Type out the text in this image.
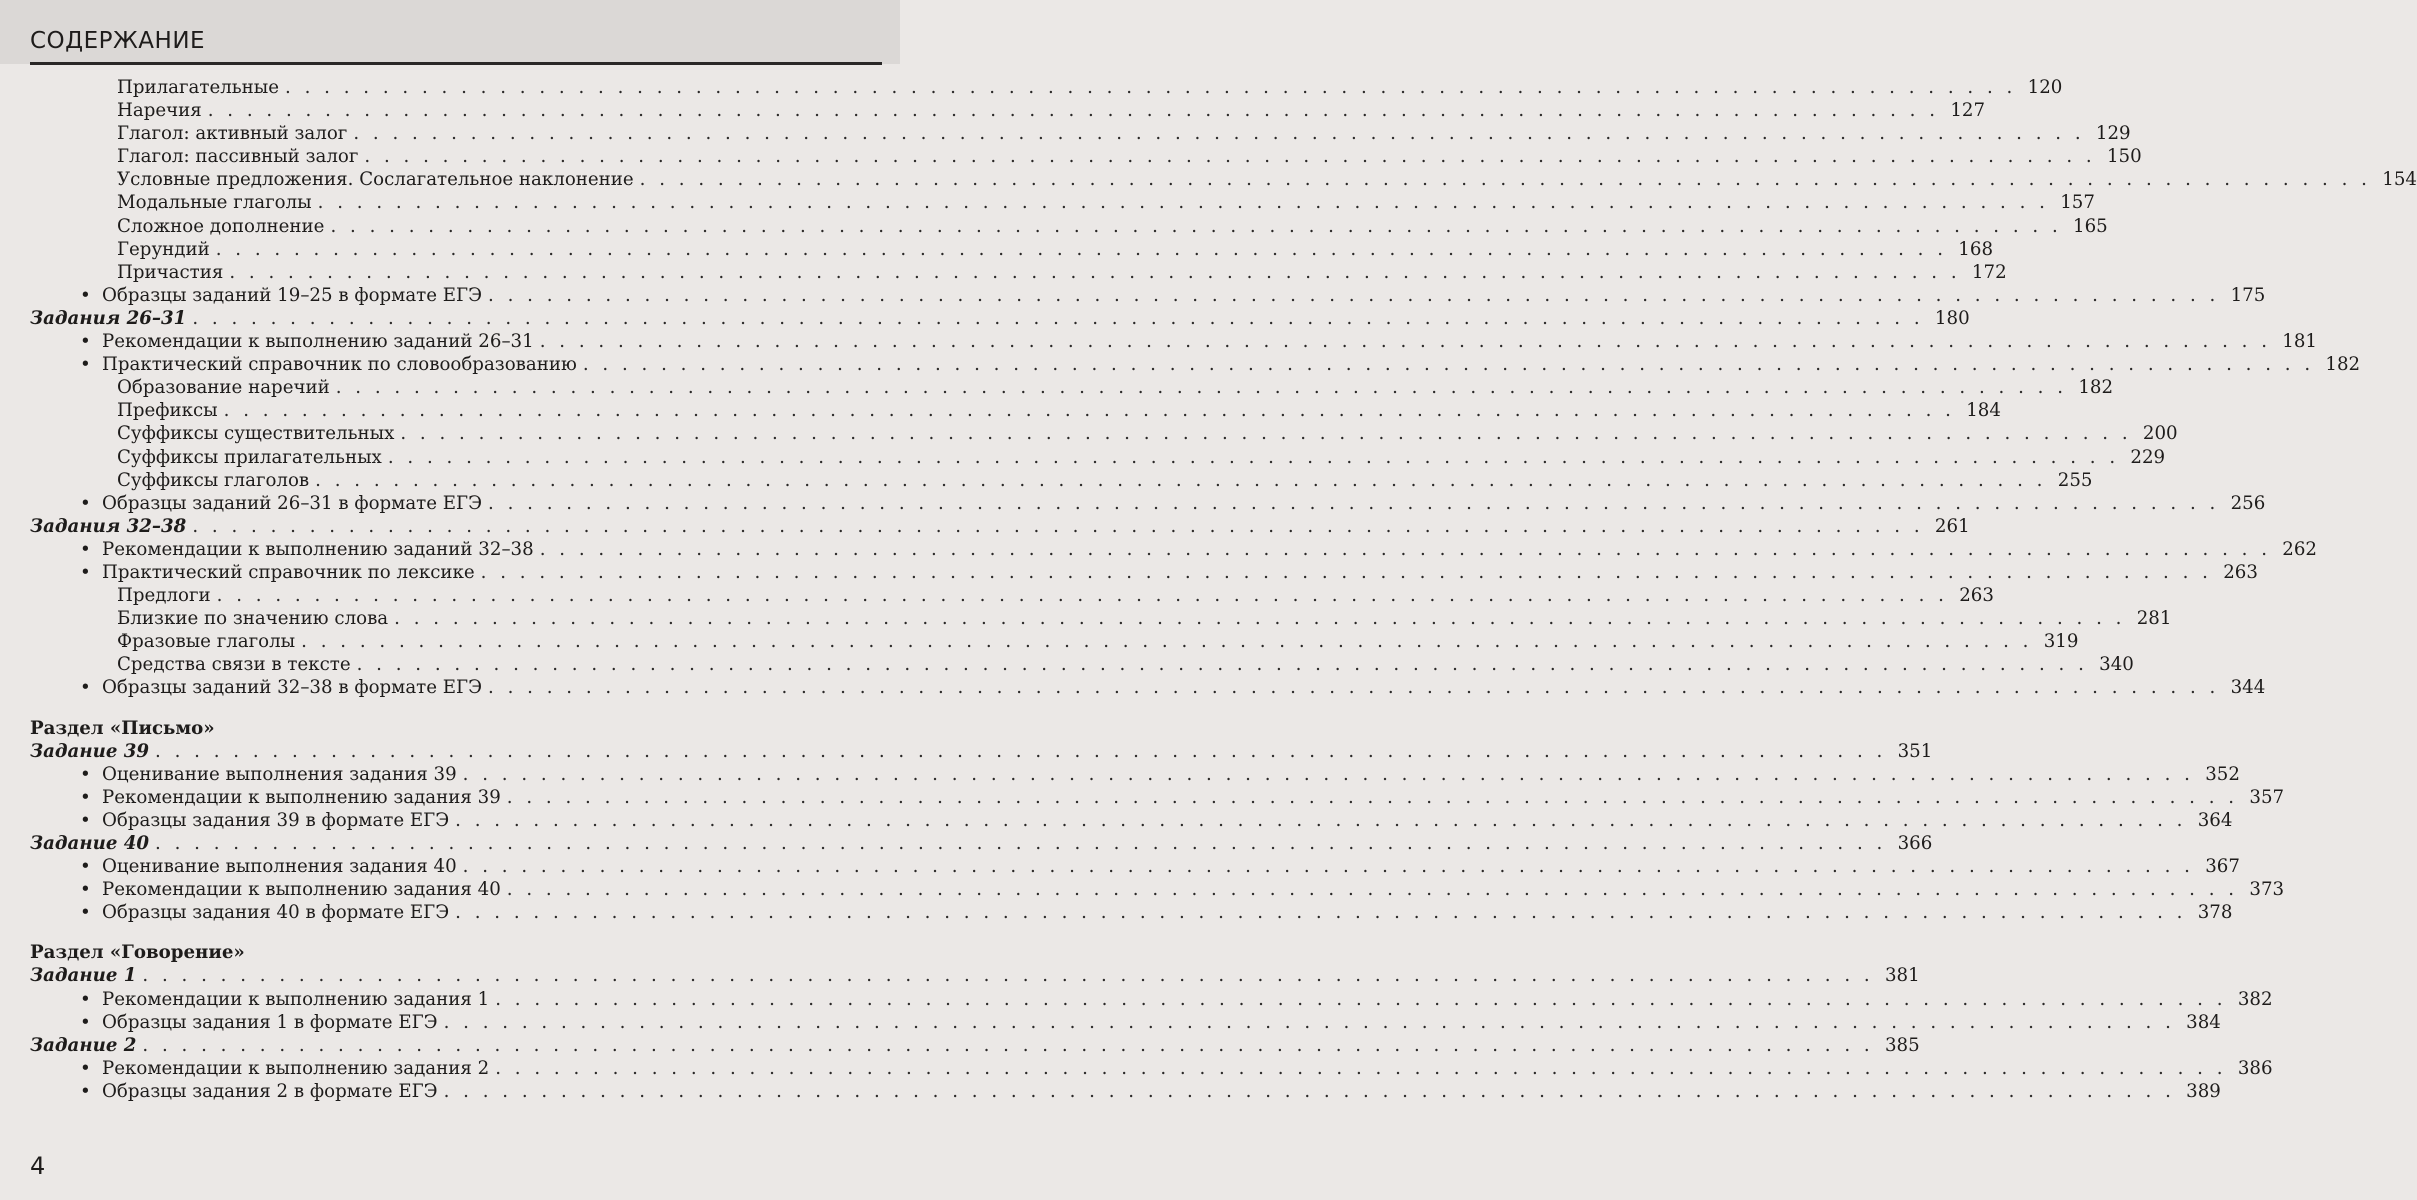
СОДЕРЖАНИЕ
Прилагательные . . . . . . . . . . . . . . . . . . . . . . . . . . . . . . . . . . . . . . . . . . . . . . . . . . . . . . . . . . . . . . . . . . . . . . . . . . . . . . . . . . . . . . . . . 120
Наречия . . . . . . . . . . . . . . . . . . . . . . . . . . . . . . . . . . . . . . . . . . . . . . . . . . . . . . . . . . . . . . . . . . . . . . . . . . . . . . . . . . . . . . . . . 127
Глагол: активный залог . . . . . . . . . . . . . . . . . . . . . . . . . . . . . . . . . . . . . . . . . . . . . . . . . . . . . . . . . . . . . . . . . . . . . . . . . . . . . . . . . . . . . . . . . 129
Глагол: пассивный залог . . . . . . . . . . . . . . . . . . . . . . . . . . . . . . . . . . . . . . . . . . . . . . . . . . . . . . . . . . . . . . . . . . . . . . . . . . . . . . . . . . . . . . . . . 150
Условные предложения. Сослагательное наклонение . . . . . . . . . . . . . . . . . . . . . . . . . . . . . . . . . . . . . . . . . . . . . . . . . . . . . . . . . . . . . . . . . . . . . . . . . . . . . . . . . . . . . . . . . 154
Модальные глаголы . . . . . . . . . . . . . . . . . . . . . . . . . . . . . . . . . . . . . . . . . . . . . . . . . . . . . . . . . . . . . . . . . . . . . . . . . . . . . . . . . . . . . . . . . 157
Сложное дополнение . . . . . . . . . . . . . . . . . . . . . . . . . . . . . . . . . . . . . . . . . . . . . . . . . . . . . . . . . . . . . . . . . . . . . . . . . . . . . . . . . . . . . . . . . 165
Герундий . . . . . . . . . . . . . . . . . . . . . . . . . . . . . . . . . . . . . . . . . . . . . . . . . . . . . . . . . . . . . . . . . . . . . . . . . . . . . . . . . . . . . . . . . 168
Причастия . . . . . . . . . . . . . . . . . . . . . . . . . . . . . . . . . . . . . . . . . . . . . . . . . . . . . . . . . . . . . . . . . . . . . . . . . . . . . . . . . . . . . . . . . 172
• Образцы заданий 19–25 в формате ЕГЭ . . . . . . . . . . . . . . . . . . . . . . . . . . . . . . . . . . . . . . . . . . . . . . . . . . . . . . . . . . . . . . . . . . . . . . . . . . . . . . . . . . . . . . . . . 175
Задания 26–31 . . . . . . . . . . . . . . . . . . . . . . . . . . . . . . . . . . . . . . . . . . . . . . . . . . . . . . . . . . . . . . . . . . . . . . . . . . . . . . . . . . . . . . . . . 180
• Рекомендации к выполнению заданий 26–31 . . . . . . . . . . . . . . . . . . . . . . . . . . . . . . . . . . . . . . . . . . . . . . . . . . . . . . . . . . . . . . . . . . . . . . . . . . . . . . . . . . . . . . . . . 181
• Практический справочник по словообразованию . . . . . . . . . . . . . . . . . . . . . . . . . . . . . . . . . . . . . . . . . . . . . . . . . . . . . . . . . . . . . . . . . . . . . . . . . . . . . . . . . . . . . . . . . 182
Образование наречий . . . . . . . . . . . . . . . . . . . . . . . . . . . . . . . . . . . . . . . . . . . . . . . . . . . . . . . . . . . . . . . . . . . . . . . . . . . . . . . . . . . . . . . . . 182
Префиксы . . . . . . . . . . . . . . . . . . . . . . . . . . . . . . . . . . . . . . . . . . . . . . . . . . . . . . . . . . . . . . . . . . . . . . . . . . . . . . . . . . . . . . . . . 184
Суффиксы существительных . . . . . . . . . . . . . . . . . . . . . . . . . . . . . . . . . . . . . . . . . . . . . . . . . . . . . . . . . . . . . . . . . . . . . . . . . . . . . . . . . . . . . . . . . 200
Суффиксы прилагательных . . . . . . . . . . . . . . . . . . . . . . . . . . . . . . . . . . . . . . . . . . . . . . . . . . . . . . . . . . . . . . . . . . . . . . . . . . . . . . . . . . . . . . . . . 229
Суффиксы глаголов . . . . . . . . . . . . . . . . . . . . . . . . . . . . . . . . . . . . . . . . . . . . . . . . . . . . . . . . . . . . . . . . . . . . . . . . . . . . . . . . . . . . . . . . . 255
• Образцы заданий 26–31 в формате ЕГЭ . . . . . . . . . . . . . . . . . . . . . . . . . . . . . . . . . . . . . . . . . . . . . . . . . . . . . . . . . . . . . . . . . . . . . . . . . . . . . . . . . . . . . . . . . 256
Задания 32–38 . . . . . . . . . . . . . . . . . . . . . . . . . . . . . . . . . . . . . . . . . . . . . . . . . . . . . . . . . . . . . . . . . . . . . . . . . . . . . . . . . . . . . . . . . 261
• Рекомендации к выполнению заданий 32–38 . . . . . . . . . . . . . . . . . . . . . . . . . . . . . . . . . . . . . . . . . . . . . . . . . . . . . . . . . . . . . . . . . . . . . . . . . . . . . . . . . . . . . . . . . 262
• Практический справочник по лексике . . . . . . . . . . . . . . . . . . . . . . . . . . . . . . . . . . . . . . . . . . . . . . . . . . . . . . . . . . . . . . . . . . . . . . . . . . . . . . . . . . . . . . . . . 263
Предлоги . . . . . . . . . . . . . . . . . . . . . . . . . . . . . . . . . . . . . . . . . . . . . . . . . . . . . . . . . . . . . . . . . . . . . . . . . . . . . . . . . . . . . . . . . 263
Близкие по значению слова . . . . . . . . . . . . . . . . . . . . . . . . . . . . . . . . . . . . . . . . . . . . . . . . . . . . . . . . . . . . . . . . . . . . . . . . . . . . . . . . . . . . . . . . . 281
Фразовые глаголы . . . . . . . . . . . . . . . . . . . . . . . . . . . . . . . . . . . . . . . . . . . . . . . . . . . . . . . . . . . . . . . . . . . . . . . . . . . . . . . . . . . . . . . . . 319
Средства связи в тексте . . . . . . . . . . . . . . . . . . . . . . . . . . . . . . . . . . . . . . . . . . . . . . . . . . . . . . . . . . . . . . . . . . . . . . . . . . . . . . . . . . . . . . . . . 340
• Образцы заданий 32–38 в формате ЕГЭ . . . . . . . . . . . . . . . . . . . . . . . . . . . . . . . . . . . . . . . . . . . . . . . . . . . . . . . . . . . . . . . . . . . . . . . . . . . . . . . . . . . . . . . . . 344
Раздел «Письмо»
Задание 39 . . . . . . . . . . . . . . . . . . . . . . . . . . . . . . . . . . . . . . . . . . . . . . . . . . . . . . . . . . . . . . . . . . . . . . . . . . . . . . . . . . . . . . . . . 351
• Оценивание выполнения задания 39 . . . . . . . . . . . . . . . . . . . . . . . . . . . . . . . . . . . . . . . . . . . . . . . . . . . . . . . . . . . . . . . . . . . . . . . . . . . . . . . . . . . . . . . . . 352
• Рекомендации к выполнению задания 39 . . . . . . . . . . . . . . . . . . . . . . . . . . . . . . . . . . . . . . . . . . . . . . . . . . . . . . . . . . . . . . . . . . . . . . . . . . . . . . . . . . . . . . . . . 357
• Образцы задания 39 в формате ЕГЭ . . . . . . . . . . . . . . . . . . . . . . . . . . . . . . . . . . . . . . . . . . . . . . . . . . . . . . . . . . . . . . . . . . . . . . . . . . . . . . . . . . . . . . . . . 364
Задание 40 . . . . . . . . . . . . . . . . . . . . . . . . . . . . . . . . . . . . . . . . . . . . . . . . . . . . . . . . . . . . . . . . . . . . . . . . . . . . . . . . . . . . . . . . . 366
• Оценивание выполнения задания 40 . . . . . . . . . . . . . . . . . . . . . . . . . . . . . . . . . . . . . . . . . . . . . . . . . . . . . . . . . . . . . . . . . . . . . . . . . . . . . . . . . . . . . . . . . 367
• Рекомендации к выполнению задания 40 . . . . . . . . . . . . . . . . . . . . . . . . . . . . . . . . . . . . . . . . . . . . . . . . . . . . . . . . . . . . . . . . . . . . . . . . . . . . . . . . . . . . . . . . . 373
• Образцы задания 40 в формате ЕГЭ . . . . . . . . . . . . . . . . . . . . . . . . . . . . . . . . . . . . . . . . . . . . . . . . . . . . . . . . . . . . . . . . . . . . . . . . . . . . . . . . . . . . . . . . . 378
Раздел «Говорение»
Задание 1 . . . . . . . . . . . . . . . . . . . . . . . . . . . . . . . . . . . . . . . . . . . . . . . . . . . . . . . . . . . . . . . . . . . . . . . . . . . . . . . . . . . . . . . . . 381
• Рекомендации к выполнению задания 1 . . . . . . . . . . . . . . . . . . . . . . . . . . . . . . . . . . . . . . . . . . . . . . . . . . . . . . . . . . . . . . . . . . . . . . . . . . . . . . . . . . . . . . . . . 382
• Образцы задания 1 в формате ЕГЭ . . . . . . . . . . . . . . . . . . . . . . . . . . . . . . . . . . . . . . . . . . . . . . . . . . . . . . . . . . . . . . . . . . . . . . . . . . . . . . . . . . . . . . . . . 384
Задание 2 . . . . . . . . . . . . . . . . . . . . . . . . . . . . . . . . . . . . . . . . . . . . . . . . . . . . . . . . . . . . . . . . . . . . . . . . . . . . . . . . . . . . . . . . . 385
• Рекомендации к выполнению задания 2 . . . . . . . . . . . . . . . . . . . . . . . . . . . . . . . . . . . . . . . . . . . . . . . . . . . . . . . . . . . . . . . . . . . . . . . . . . . . . . . . . . . . . . . . . 386
• Образцы задания 2 в формате ЕГЭ . . . . . . . . . . . . . . . . . . . . . . . . . . . . . . . . . . . . . . . . . . . . . . . . . . . . . . . . . . . . . . . . . . . . . . . . . . . . . . . . . . . . . . . . . 389
4
